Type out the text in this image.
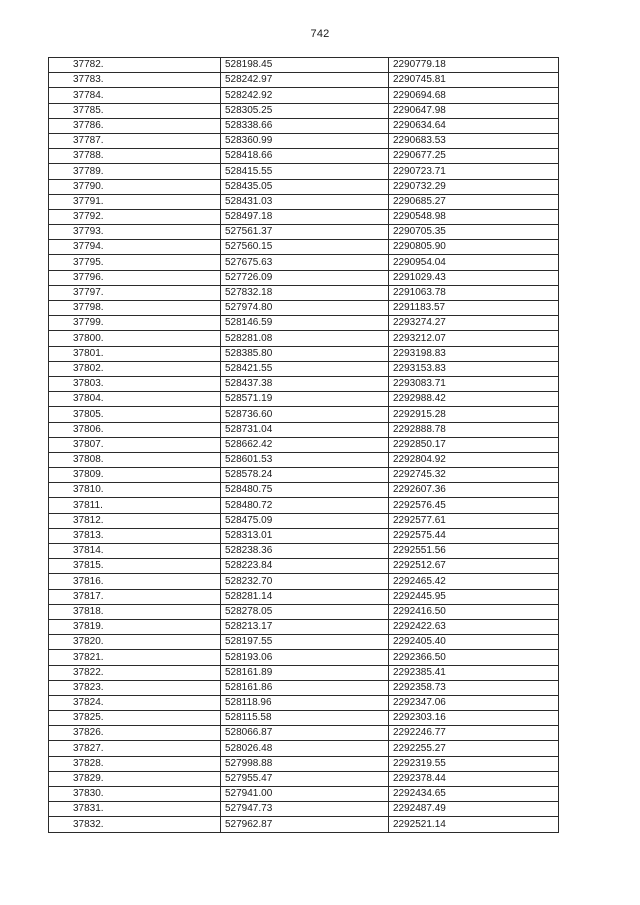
742
37782.	528198.45	2290779.18
37783.	528242.97	2290745.81
37784.	528242.92	2290694.68
37785.	528305.25	2290647.98
37786.	528338.66	2290634.64
37787.	528360.99	2290683.53
37788.	528418.66	2290677.25
37789.	528415.55	2290723.71
37790.	528435.05	2290732.29
37791.	528431.03	2290685.27
37792.	528497.18	2290548.98
37793.	527561.37	2290705.35
37794.	527560.15	2290805.90
37795.	527675.63	2290954.04
37796.	527726.09	2291029.43
37797.	527832.18	2291063.78
37798.	527974.80	2291183.57
37799.	528146.59	2293274.27
37800.	528281.08	2293212.07
37801.	528385.80	2293198.83
37802.	528421.55	2293153.83
37803.	528437.38	2293083.71
37804.	528571.19	2292988.42
37805.	528736.60	2292915.28
37806.	528731.04	2292888.78
37807.	528662.42	2292850.17
37808.	528601.53	2292804.92
37809.	528578.24	2292745.32
37810.	528480.75	2292607.36
37811.	528480.72	2292576.45
37812.	528475.09	2292577.61
37813.	528313.01	2292575.44
37814.	528238.36	2292551.56
37815.	528223.84	2292512.67
37816.	528232.70	2292465.42
37817.	528281.14	2292445.95
37818.	528278.05	2292416.50
37819.	528213.17	2292422.63
37820.	528197.55	2292405.40
37821.	528193.06	2292366.50
37822.	528161.89	2292385.41
37823.	528161.86	2292358.73
37824.	528118.96	2292347.06
37825.	528115.58	2292303.16
37826.	528066.87	2292246.77
37827.	528026.48	2292255.27
37828.	527998.88	2292319.55
37829.	527955.47	2292378.44
37830.	527941.00	2292434.65
37831.	527947.73	2292487.49
37832.	527962.87	2292521.14
